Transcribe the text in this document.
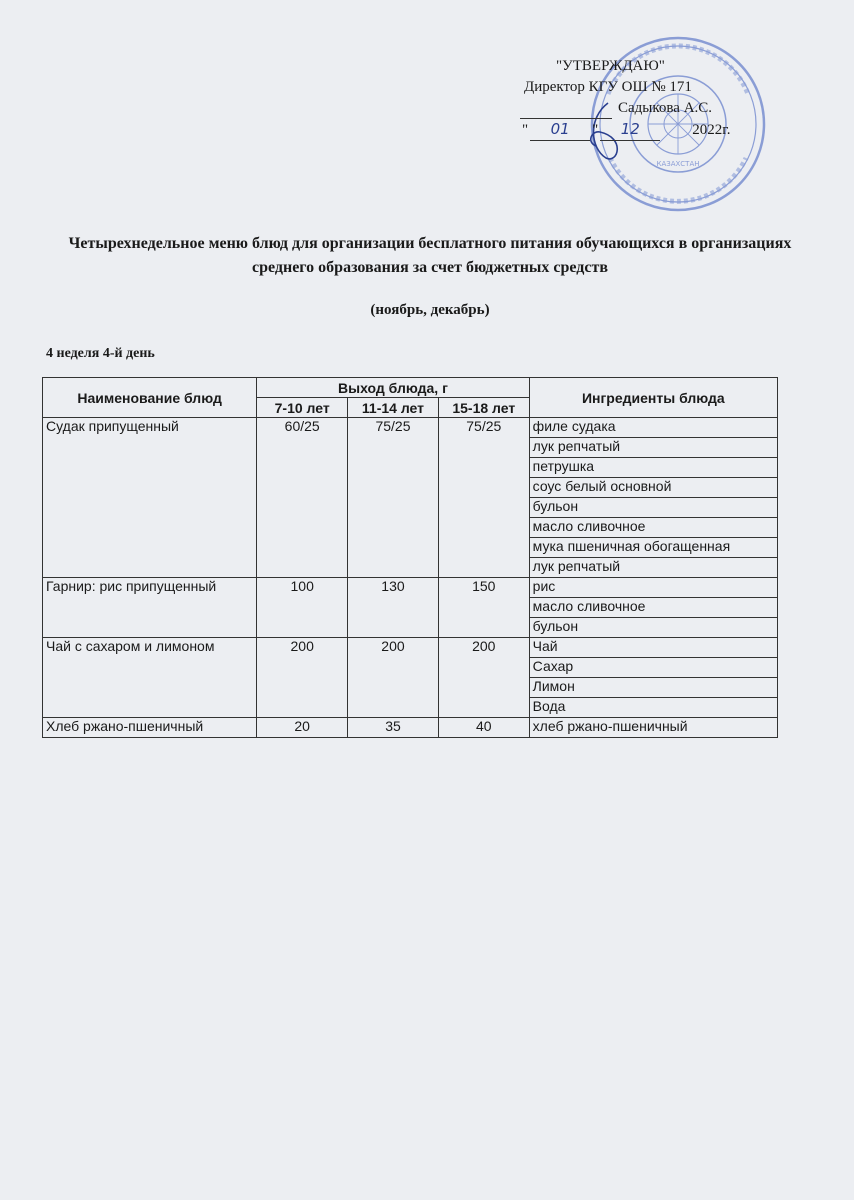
КАЗАХСТАН
"УТВЕРЖДАЮ"
Директор КГУ ОШ № 171
Садыкова А.С.
"	01	"	12	2022г.
Четырехнедельное меню блюд для организации бесплатного питания обучающихся в организациях среднего образования за счет бюджетных средств
(ноябрь, декабрь)
4 неделя 4-й день
Наименование блюд	Выход блюда, г			Ингредиенты блюда
	7-10 лет	11-14 лет	15-18 лет	
Судак припущенный	60/25	75/25	75/25	филе судака
				лук репчатый
				петрушка
				соус белый основной
				бульон
				масло сливочное
				мука пшеничная обогащенная
				лук репчатый
Гарнир: рис припущенный	100	130	150	рис
				масло сливочное
				бульон
Чай с сахаром и лимоном	200	200	200	Чай
				Сахар
				Лимон
				Вода
Хлеб ржано-пшеничный	20	35	40	хлеб ржано-пшеничный
